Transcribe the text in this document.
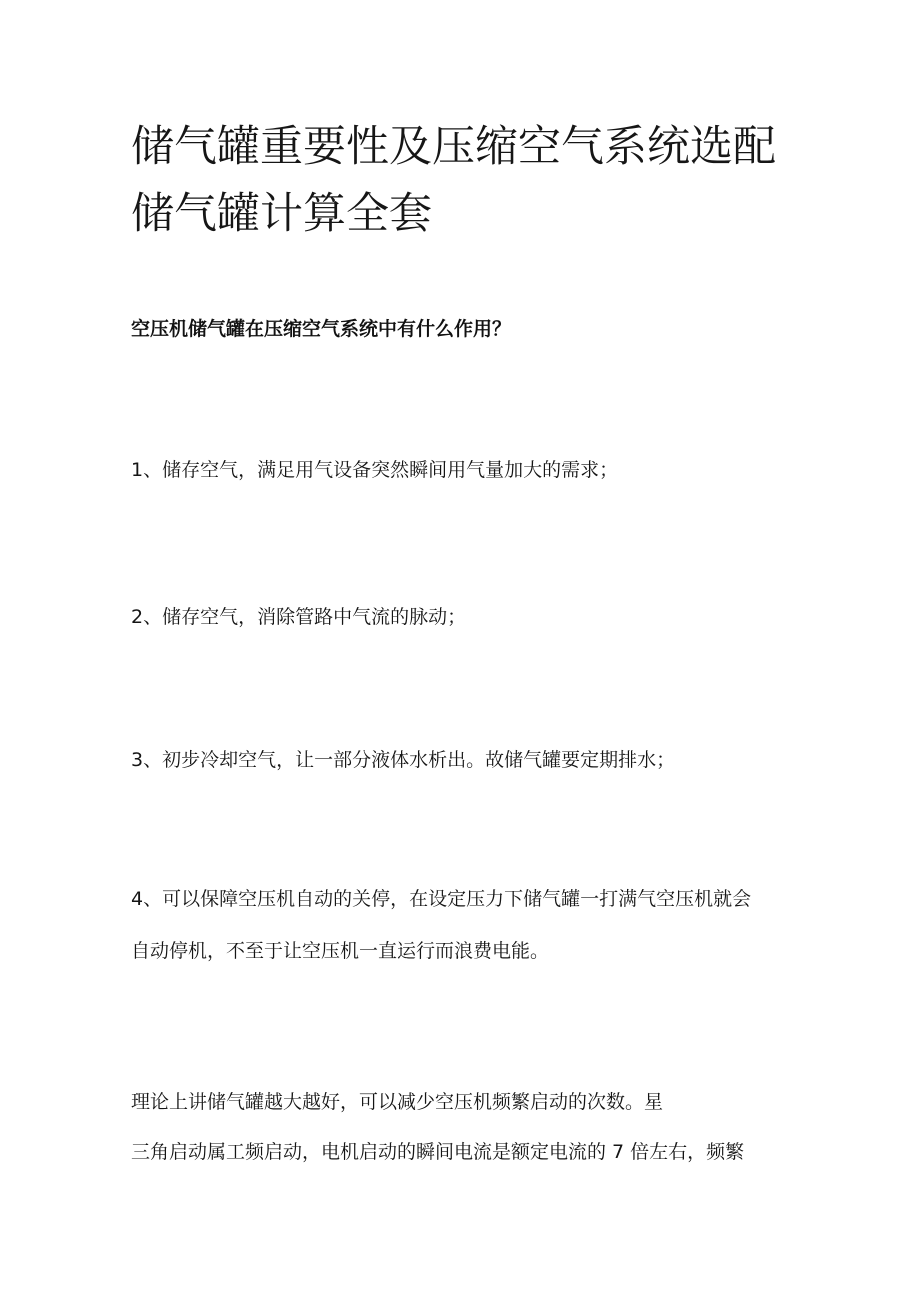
储气罐重要性及压缩空气系统选配
储气罐计算全套
空压机储气罐在压缩空气系统中有什么作用？

1、储存空气，满足用气设备突然瞬间用气量加大的需求；

2、储存空气，消除管路中气流的脉动；

3、初步冷却空气，让一部分液体水析出。故储气罐要定期排水；

4、可以保障空压机自动的关停，在设定压力下储气罐一打满气空压机就会
自动停机，不至于让空压机一直运行而浪费电能。

理论上讲储气罐越大越好，可以减少空压机频繁启动的次数。星
三角启动属工频启动，电机启动的瞬间电流是额定电流的 7 倍左右，频繁
